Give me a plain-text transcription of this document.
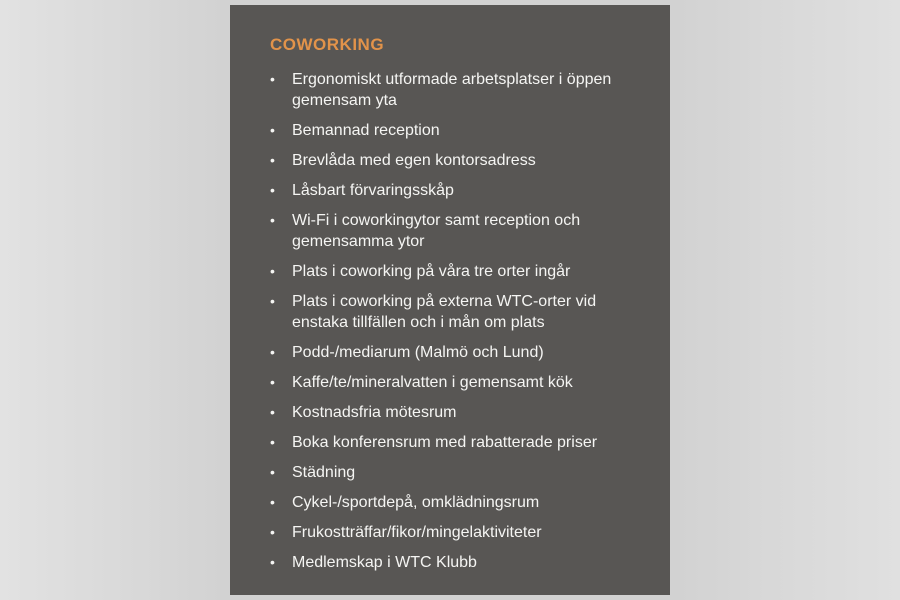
COWORKING
•	Ergonomiskt utformade arbetsplatser i öppen gemensam yta
•	Bemannad reception
•	Brevlåda med egen kontorsadress
•	Låsbart förvaringsskåp
•	Wi-Fi i coworkingytor samt reception och gemensamma ytor
•	Plats i coworking på våra tre orter ingår
•	Plats i coworking på externa WTC-orter vid enstaka tillfällen och i mån om plats
•	Podd-/mediarum (Malmö och Lund)
•	Kaffe/te/mineralvatten i gemensamt kök
•	Kostnadsfria mötesrum
•	Boka konferensrum med rabatterade priser
•	Städning
•	Cykel-/sportdepå, omklädningsrum
•	Frukostträffar/fikor/mingelaktiviteter
•	Medlemskap i WTC Klubb
